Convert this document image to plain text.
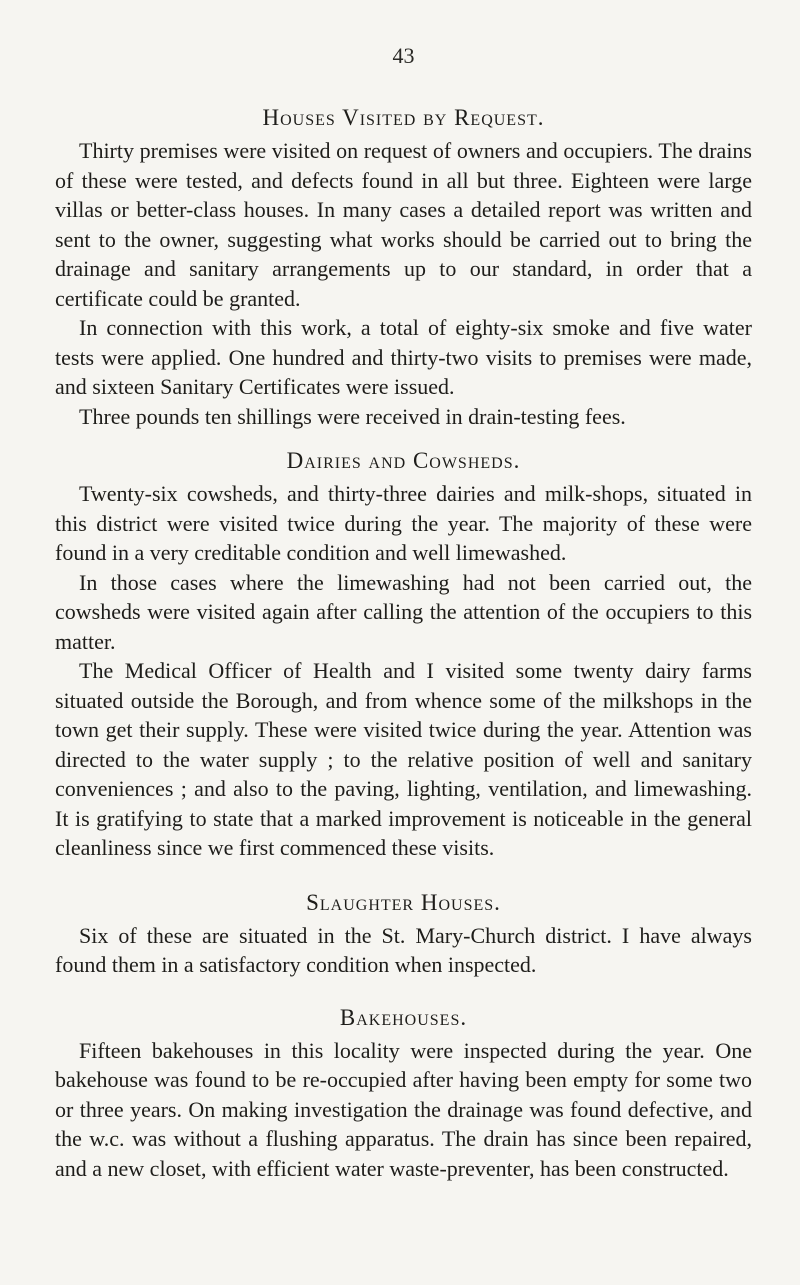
43
Houses Visited by Request.

Thirty premises were visited on request of owners and occupiers. The drains of these were tested, and defects found in all but three. Eighteen were large villas or better-class houses. In many cases a detailed report was written and sent to the owner, suggesting what works should be carried out to bring the drainage and sanitary arrangements up to our standard, in order that a certificate could be granted.

In connection with this work, a total of eighty-six smoke and five water tests were applied. One hundred and thirty-two visits to premises were made, and sixteen Sanitary Certificates were issued.

Three pounds ten shillings were received in drain-testing fees.

Dairies and Cowsheds.

Twenty-six cowsheds, and thirty-three dairies and milk-shops, situated in this district were visited twice during the year. The majority of these were found in a very creditable condition and well limewashed.

In those cases where the limewashing had not been carried out, the cowsheds were visited again after calling the attention of the occupiers to this matter.

The Medical Officer of Health and I visited some twenty dairy farms situated outside the Borough, and from whence some of the milkshops in the town get their supply. These were visited twice during the year. Attention was directed to the water supply ; to the relative position of well and sanitary conveniences ; and also to the paving, lighting, ventilation, and limewashing. It is gratifying to state that a marked improvement is noticeable in the general cleanliness since we first commenced these visits.

Slaughter Houses.

Six of these are situated in the St. Mary-Church district. I have always found them in a satisfactory condition when inspected.

Bakehouses.

Fifteen bakehouses in this locality were inspected during the year. One bakehouse was found to be re-occupied after having been empty for some two or three years. On making investigation the drainage was found defective, and the w.c. was without a flushing apparatus. The drain has since been repaired, and a new closet, with efficient water waste-preventer, has been constructed.
